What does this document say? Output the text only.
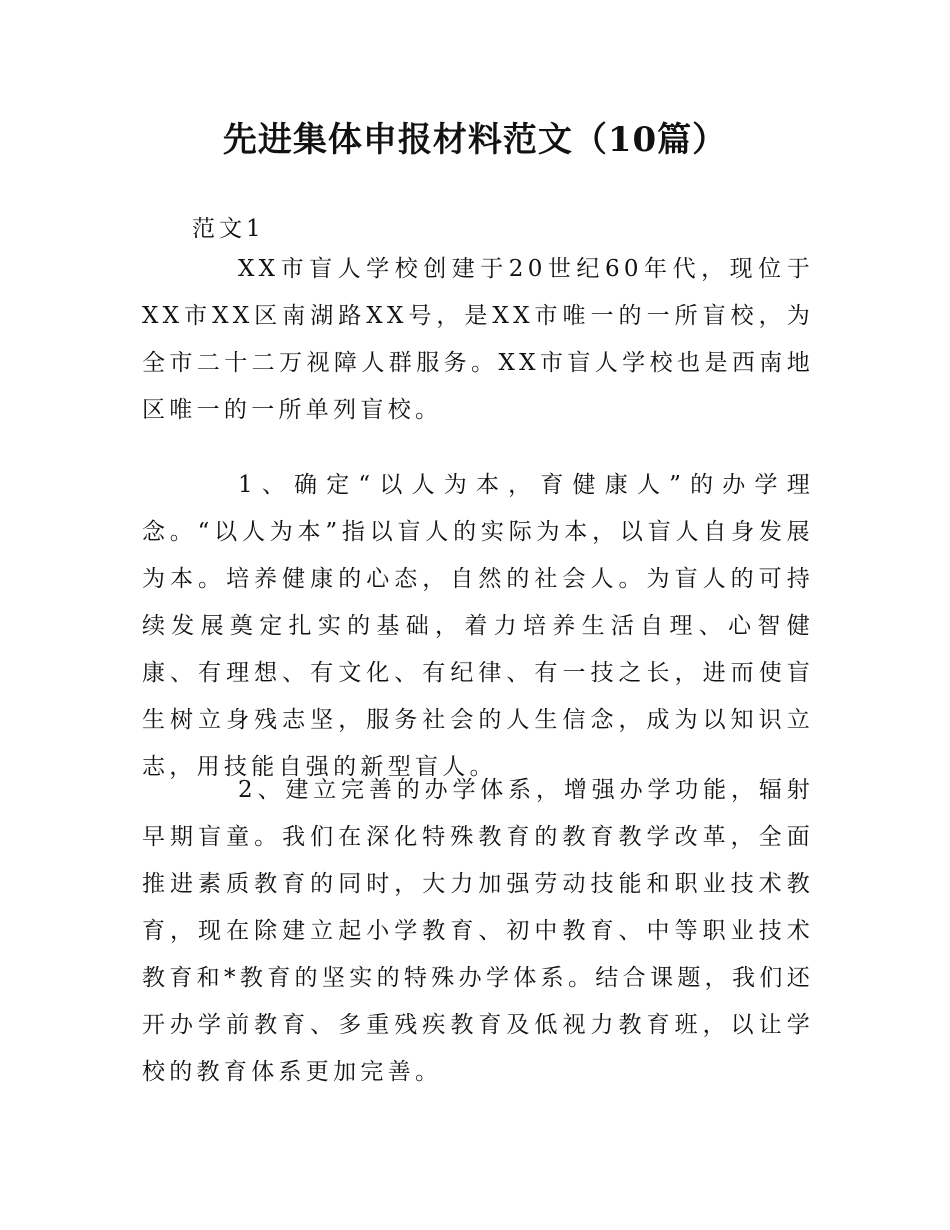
先进集体申报材料范文（10篇）
范文1

XX市盲人学校创建于20世纪60年代，现位于XX市XX区南湖路XX号，是XX市唯一的一所盲校，为全市二十二万视障人群服务。XX市盲人学校也是西南地区唯一的一所单列盲校。

1、确定“以人为本，育健康人”的办学理念。“以人为本”指以盲人的实际为本，以盲人自身发展为本。培养健康的心态，自然的社会人。为盲人的可持续发展奠定扎实的基础，着力培养生活自理、心智健康、有理想、有文化、有纪律、有一技之长，进而使盲生树立身残志坚，服务社会的人生信念，成为以知识立志，用技能自强的新型盲人。

2、建立完善的办学体系，增强办学功能，辐射早期盲童。我们在深化特殊教育的教育教学改革，全面推进素质教育的同时，大力加强劳动技能和职业技术教育，现在除建立起小学教育、初中教育、中等职业技术教育和*教育的坚实的特殊办学体系。结合课题，我们还开办学前教育、多重残疾教育及低视力教育班，以让学校的教育体系更加完善。
